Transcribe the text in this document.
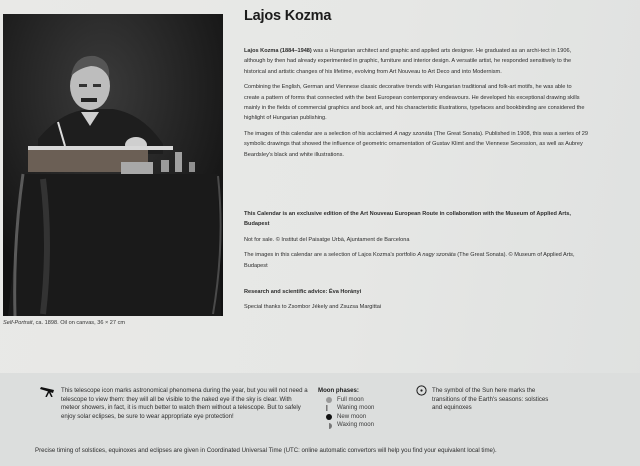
Self-Portrait, ca. 1898. Oil on canvas, 36 × 27 cm
Lajos Kozma

Lajos Kozma (1884–1948) was a Hungarian architect and graphic and applied arts designer. He graduated as an archi-tect in 1906, although by then had already experimented in graphic, furniture and interior design. A versatile artist, he responded sensitively to the historical and artistic changes of his lifetime, evolving from Art Nouveau to Art Deco and into Modernism.

Combining the English, German and Viennese classic decorative trends with Hungarian traditional and folk-art motifs, he was able to create a pattern of forms that connected with the best European contemporary endeavours. He developed his exceptional drawing skills mainly in the fields of commercial graphics and book art, and his characteristic illustrations, typefaces and bookbinding are considered the highlight of Hungarian publishing.

The images of this calendar are a selection of his acclaimed A nagy szonáta (The Great Sonata). Published in 1908, this was a series of 29 symbolic drawings that showed the influence of geometric ornamentation of Gustav Klimt and the Viennese Secession, as well as Aubrey Beardsley's black and white illustrations.

This Calendar is an exclusive edition of the Art Nouveau European Route in collaboration with the Museum of Applied Arts, Budapest

Not for sale. © Institut del Paisatge Urbà, Ajuntament de Barcelona

The images in this calendar are a selection of Lajos Kozma's portfolio A nagy szonáta (The Great Sonata). © Museum of Applied Arts, Budapest

Research and scientific advice: Éva Horányi

Special thanks to Zsombor Jékely and Zsuzsa Margittai

This telescope icon marks astronomical phenomena during the year, but you will not need a telescope to view them: they will all be visible to the naked eye if the sky is clear. With meteor showers, in fact, it is much better to watch them without a telescope. But to safely enjoy solar eclipses, be sure to wear appropriate eye protection!

Moon phases:
Full moon
Waning moon
New moon
Waxing moon

The symbol of the Sun here marks the transitions of the Earth's seasons: solstices and equinoxes

Precise timing of solstices, equinoxes and eclipses are given in Coordinated Universal Time (UTC: online automatic convertors will help you find your equivalent local time).
